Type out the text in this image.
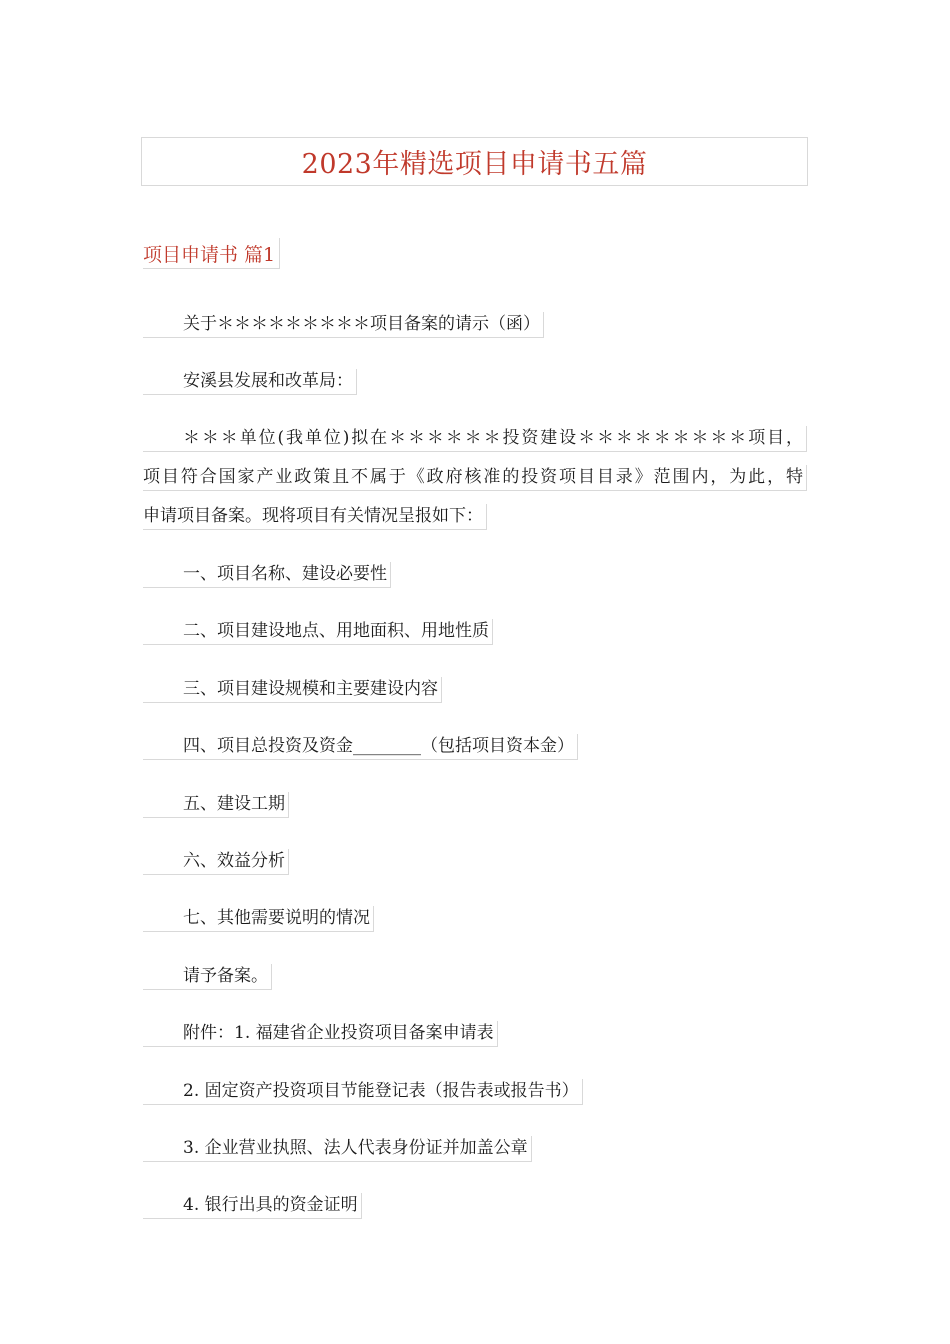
2023年精选项目申请书五篇
项目申请书 篇1
关于＊＊＊＊＊＊＊＊＊项目备案的请示（函）
安溪县发展和改革局：
＊＊＊单位(我单位)拟在＊＊＊＊＊＊投资建设＊＊＊＊＊＊＊＊＊项目，
项目符合国家产业政策且不属于《政府核准的投资项目目录》范围内，为此，特
申请项目备案。现将项目有关情况呈报如下：
一、项目名称、建设必要性
二、项目建设地点、用地面积、用地性质
三、项目建设规模和主要建设内容
四、项目总投资及资金________（包括项目资本金）
五、建设工期
六、效益分析
七、其他需要说明的情况
请予备案。
附件：1. 福建省企业投资项目备案申请表
2. 固定资产投资项目节能登记表（报告表或报告书）
3. 企业营业执照、法人代表身份证并加盖公章
4. 银行出具的资金证明
